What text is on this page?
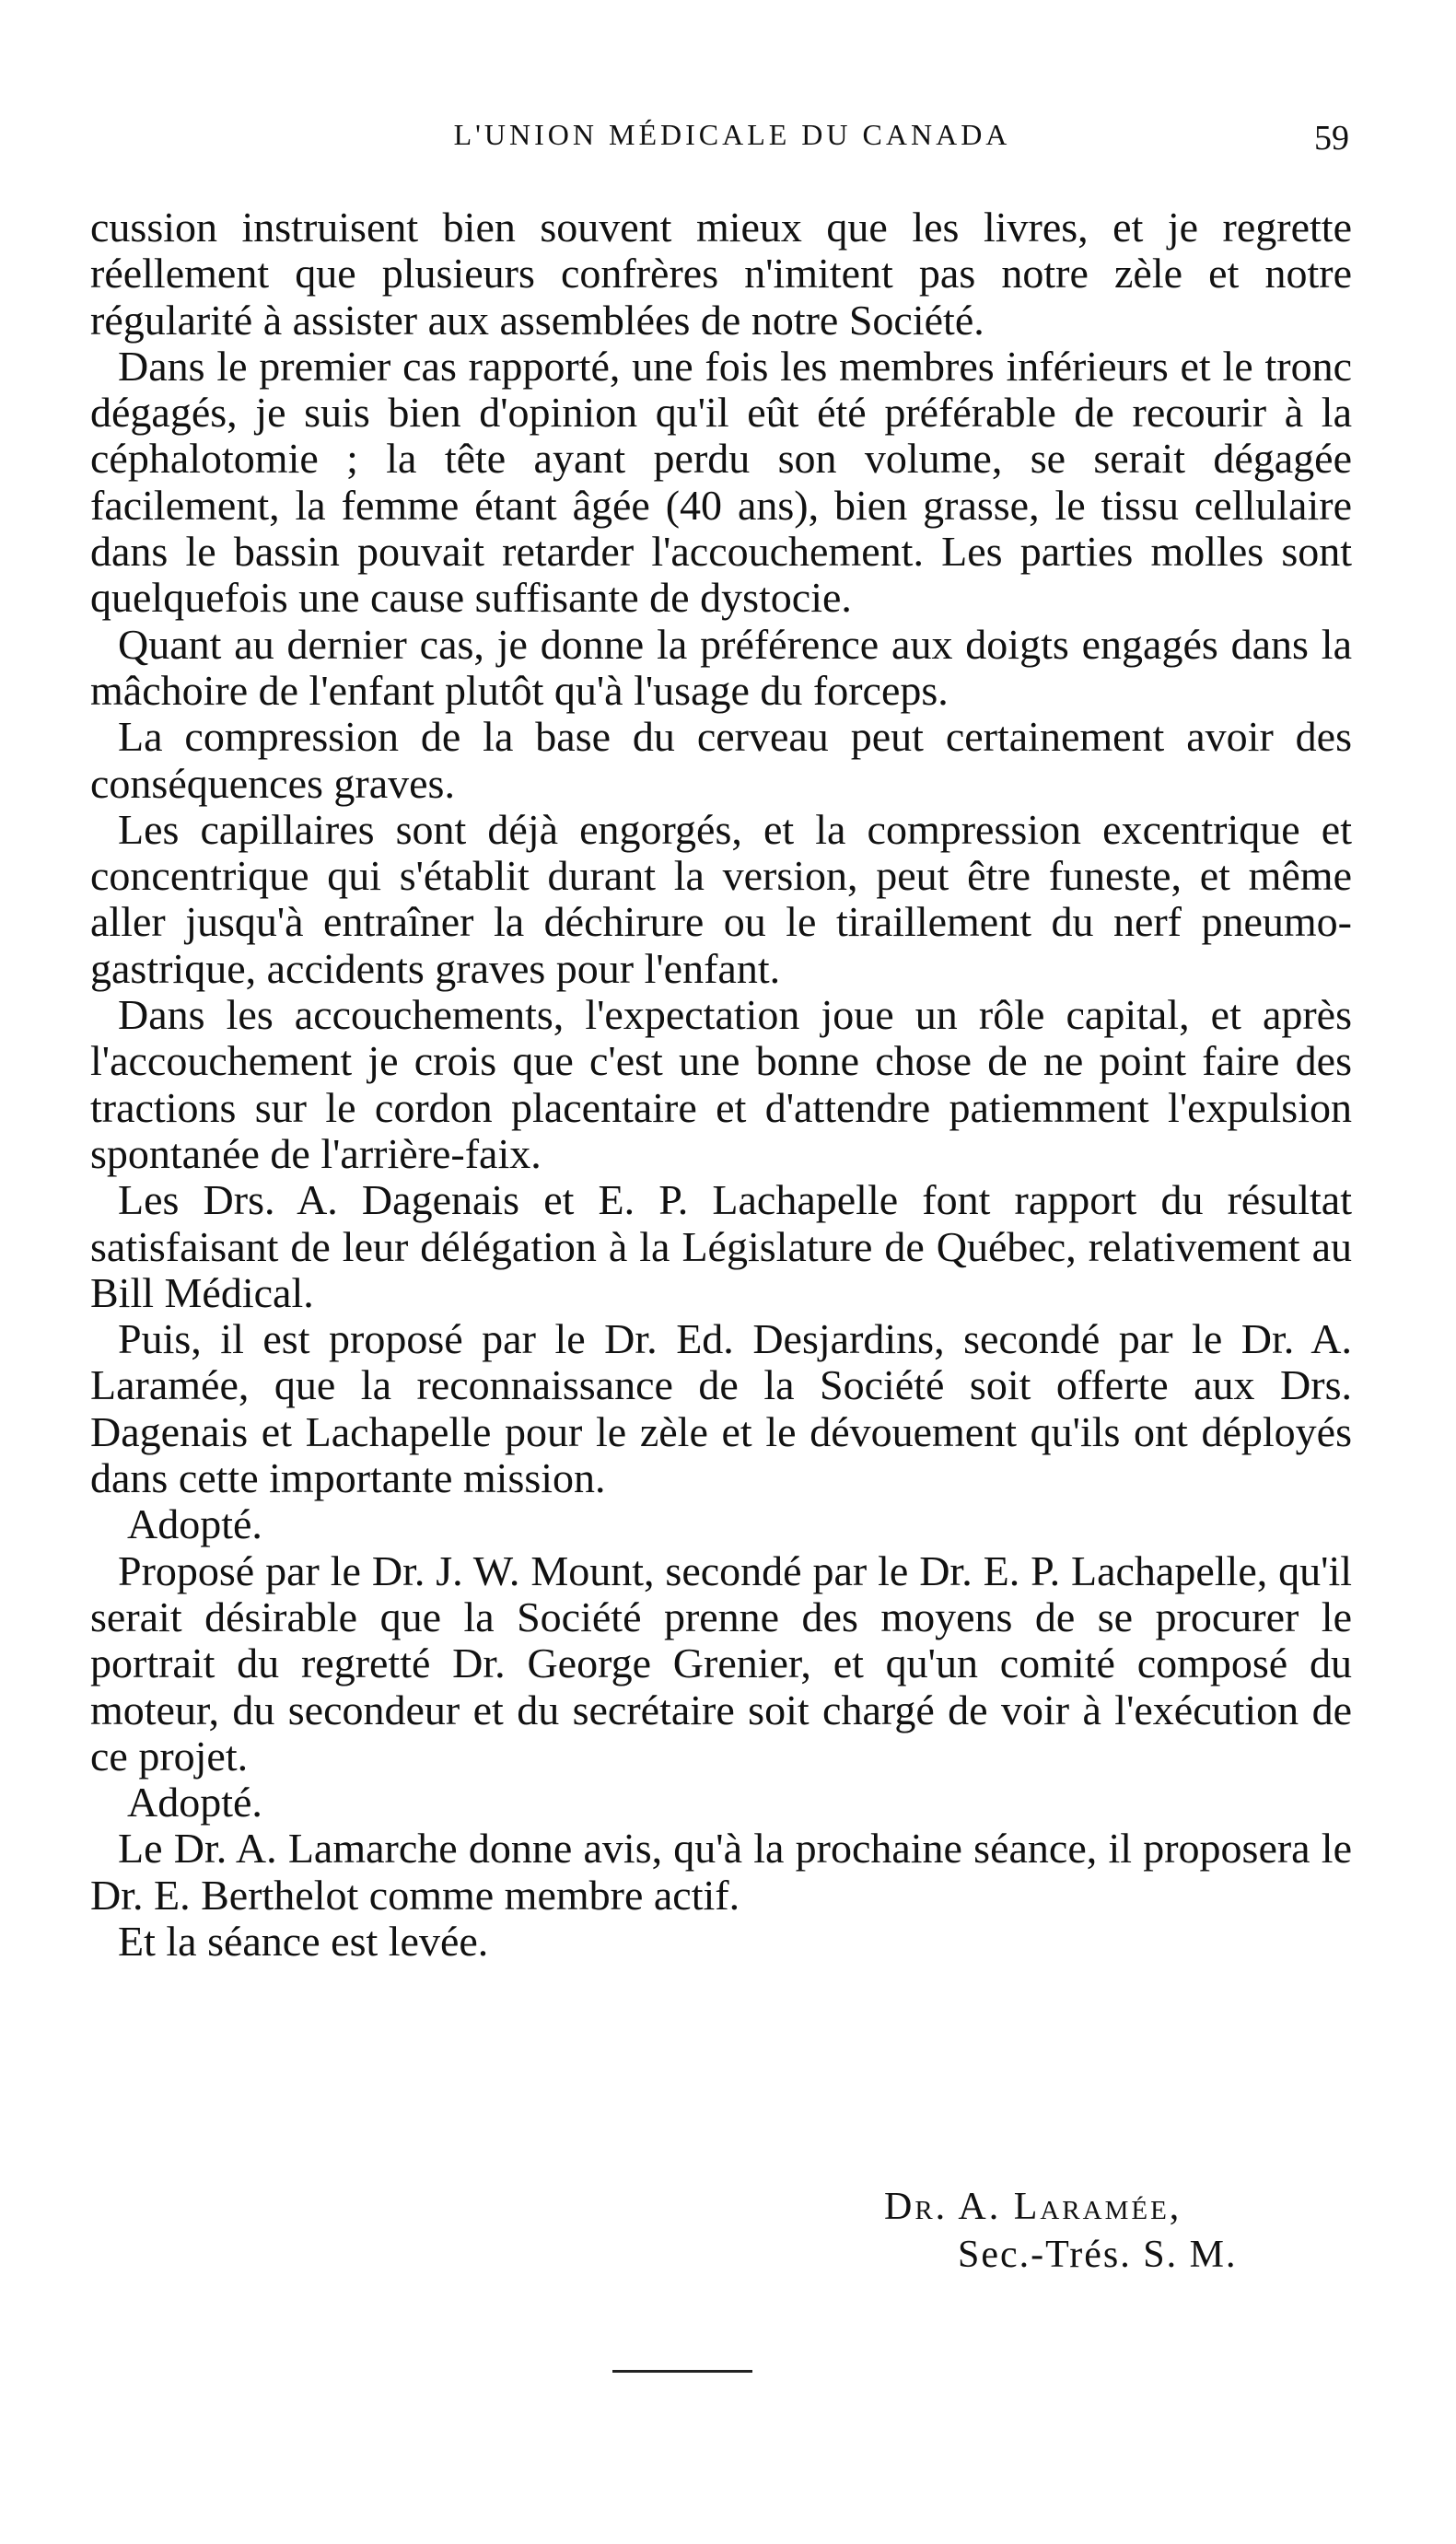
L'UNION MÉDICALE DU CANADA	59

cussion instruisent bien souvent mieux que les livres, et je regrette réellement que plusieurs confrères n'imitent pas notre zèle et notre régularité à assister aux assemblées de notre Société.

Dans le premier cas rapporté, une fois les membres inférieurs et le tronc dégagés, je suis bien d'opinion qu'il eût été préférable de recourir à la céphalotomie ; la tête ayant perdu son volume, se serait dégagée facilement, la femme étant âgée (40 ans), bien grasse, le tissu cellulaire dans le bassin pouvait retarder l'accouchement. Les parties molles sont quelquefois une cause suffisante de dystocie.

Quant au dernier cas, je donne la préférence aux doigts engagés dans la mâchoire de l'enfant plutôt qu'à l'usage du forceps.

La compression de la base du cerveau peut certainement avoir des conséquences graves.

Les capillaires sont déjà engorgés, et la compression excentrique et concentrique qui s'établit durant la version, peut être funeste, et même aller jusqu'à entraîner la déchirure ou le tiraillement du nerf pneumo-gastrique, accidents graves pour l'enfant.

Dans les accouchements, l'expectation joue un rôle capital, et après l'accouchement je crois que c'est une bonne chose de ne point faire des tractions sur le cordon placentaire et d'attendre patiemment l'expulsion spontanée de l'arrière-faix.

Les Drs. A. Dagenais et E. P. Lachapelle font rapport du résultat satisfaisant de leur délégation à la Législature de Québec, relativement au Bill Médical.

Puis, il est proposé par le Dr. Ed. Desjardins, secondé par le Dr. A. Laramée, que la reconnaissance de la Société soit offerte aux Drs. Dagenais et Lachapelle pour le zèle et le dévouement qu'ils ont déployés dans cette importante mission.

Adopté.

Proposé par le Dr. J. W. Mount, secondé par le Dr. E. P. Lachapelle, qu'il serait désirable que la Société prenne des moyens de se procurer le portrait du regretté Dr. George Grenier, et qu'un comité composé du moteur, du secondeur et du secrétaire soit chargé de voir à l'exécution de ce projet.

Adopté.

Le Dr. A. Lamarche donne avis, qu'à la prochaine séance, il proposera le Dr. E. Berthelot comme membre actif.

Et la séance est levée.

Dr. A. Laramée,
Sec.-Trés. S. M.
